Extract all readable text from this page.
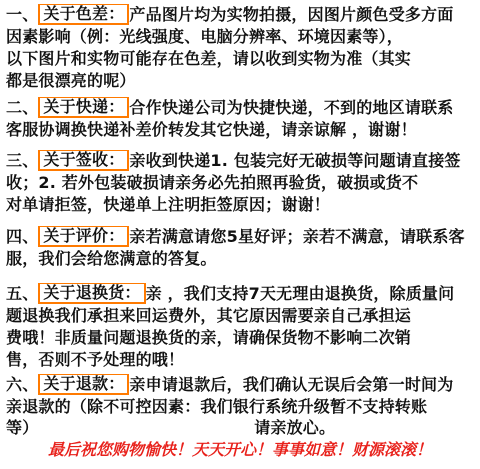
一、 关于色差： 产品图片均为实物拍摄，因图片颜色受多方面
因素影响（例：光线强度、电脑分辨率、环境因素等），
以下图片和实物可能存在色差，请以收到实物为准（其实
都是很漂亮的呢）
二、 关于快递： 合作快递公司为快捷快递，不到的地区请联系
客服协调换快递补差价转发其它快递，请亲谅解 ，谢谢！
三、 关于签收： 亲收到快递1. 包装完好无破损等问题请直接签
收；2. 若外包装破损请亲务必先拍照再验货，破损或货不
对单请拒签，快递单上注明拒签原因；谢谢！
四、 关于评价： 亲若满意请您5星好评；亲若不满意，请联系客
服，我们会给您满意的答复。
五、 关于退换货： 亲 ，我们支持7天无理由退换货，除质量问
题退换我们承担来回运费外，其它原因需要亲自己承担运
费哦！非质量问题退换货的亲，请确保货物不影响二次销
售，否则不予处理的哦！
六、 关于退款： 亲申请退款后，我们确认无误后会第一时间为
亲退款的（除不可控因素：我们银行系统升级暂不支持转账
等）	请亲放心。
最后祝您购物愉快！天天开心！事事如意！财源滚滚！
